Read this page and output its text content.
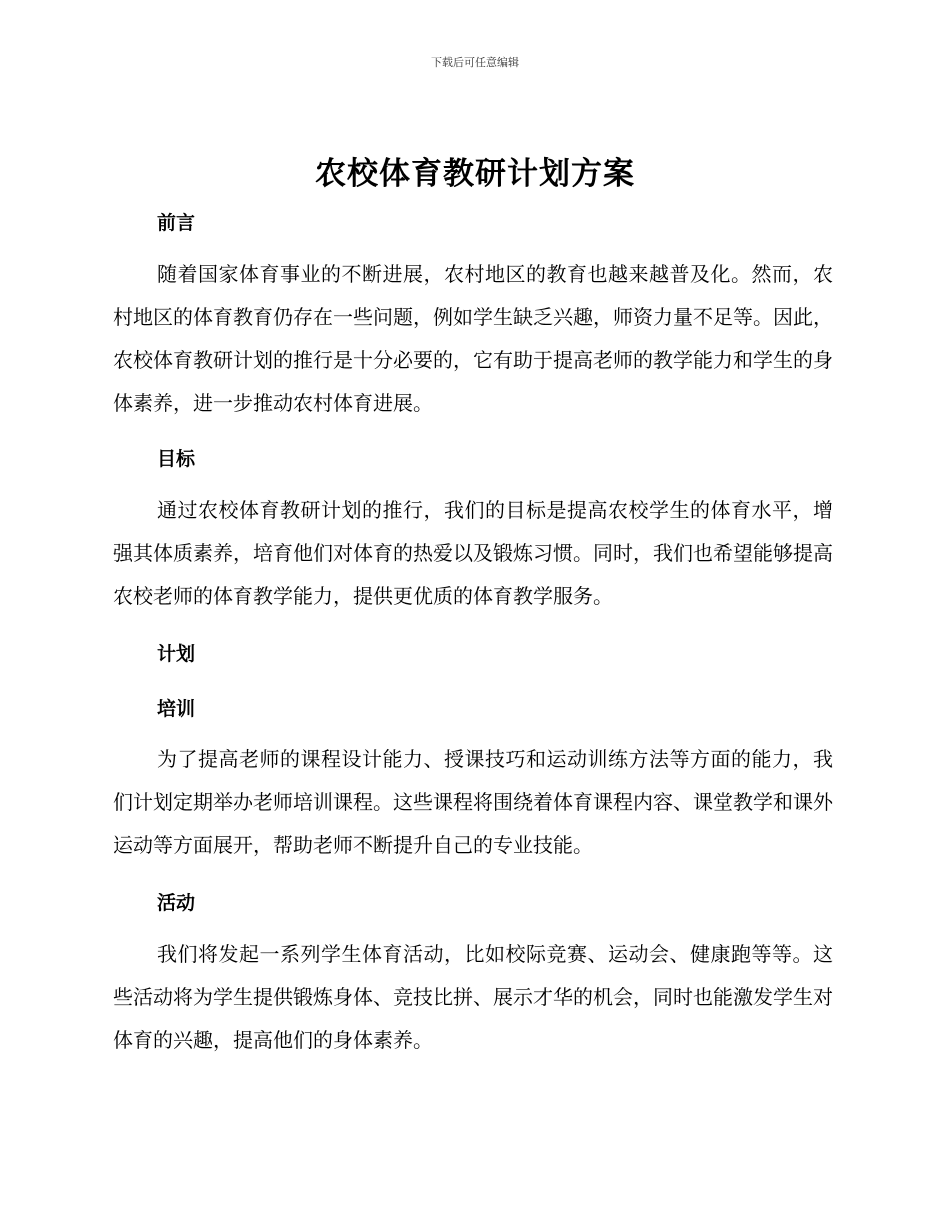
下载后可任意编辑
农校体育教研计划方案
前言
随着国家体育事业的不断进展，农村地区的教育也越来越普及化。然而，农村地区的体育教育仍存在一些问题，例如学生缺乏兴趣，师资力量不足等。因此，农校体育教研计划的推行是十分必要的，它有助于提高老师的教学能力和学生的身体素养，进一步推动农村体育进展。
目标
通过农校体育教研计划的推行，我们的目标是提高农校学生的体育水平，增强其体质素养，培育他们对体育的热爱以及锻炼习惯。同时，我们也希望能够提高农校老师的体育教学能力，提供更优质的体育教学服务。
计划
培训
为了提高老师的课程设计能力、授课技巧和运动训练方法等方面的能力，我们计划定期举办老师培训课程。这些课程将围绕着体育课程内容、课堂教学和课外运动等方面展开，帮助老师不断提升自己的专业技能。
活动
我们将发起一系列学生体育活动，比如校际竞赛、运动会、健康跑等等。这些活动将为学生提供锻炼身体、竞技比拼、展示才华的机会，同时也能激发学生对体育的兴趣，提高他们的身体素养。
